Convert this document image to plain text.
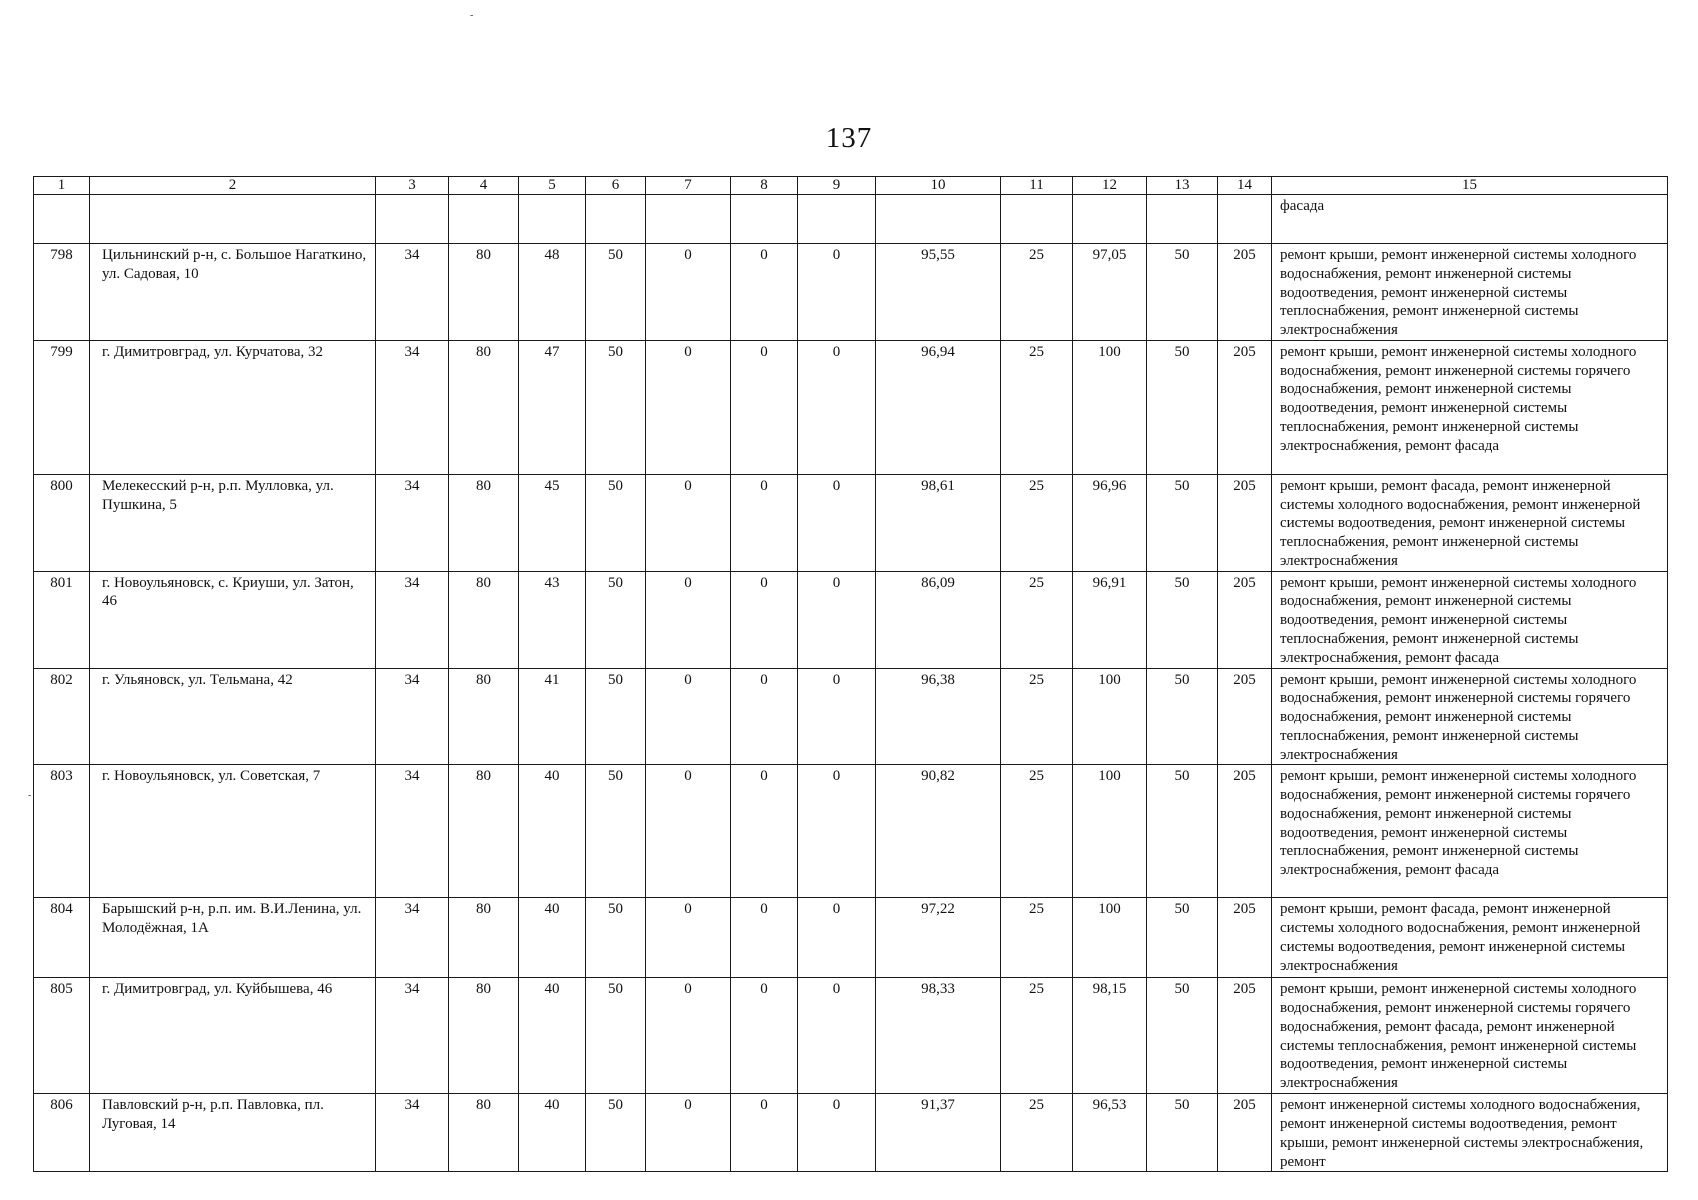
137
-
-
1	2	3	4	5	6	7	8	9	10	11	12	13	14	15
														фасада
798	Цильнинский р-н, с. Большое Нагаткино, ул. Садовая, 10	34	80	48	50	0	0	0	95,55	25	97,05	50	205	ремонт крыши, ремонт инженерной системы холодного водоснабжения, ремонт инженерной системы водоотведения, ремонт инженерной системы теплоснабжения, ремонт инженерной системы электроснабжения
799	г. Димитровград, ул. Курчатова, 32	34	80	47	50	0	0	0	96,94	25	100	50	205	ремонт крыши, ремонт инженерной системы холодного водоснабжения, ремонт инженерной системы горячего водоснабжения, ремонт инженерной системы водоотведения, ремонт инженерной системы теплоснабжения, ремонт инженерной системы электроснабжения, ремонт фасада
800	Мелекесский р-н, р.п. Мулловка, ул. Пушкина, 5	34	80	45	50	0	0	0	98,61	25	96,96	50	205	ремонт крыши, ремонт фасада, ремонт инженерной системы холодного водоснабжения, ремонт инженерной системы водоотведения, ремонт инженерной системы теплоснабжения, ремонт инженерной системы электроснабжения
801	г. Новоульяновск, с. Криуши, ул. Затон, 46	34	80	43	50	0	0	0	86,09	25	96,91	50	205	ремонт крыши, ремонт инженерной системы холодного водоснабжения, ремонт инженерной системы водоотведения, ремонт инженерной системы теплоснабжения, ремонт инженерной системы электроснабжения, ремонт фасада
802	г. Ульяновск, ул. Тельмана, 42	34	80	41	50	0	0	0	96,38	25	100	50	205	ремонт крыши, ремонт инженерной системы холодного водоснабжения, ремонт инженерной системы горячего водоснабжения, ремонт инженерной системы теплоснабжения, ремонт инженерной системы электроснабжения
803	г. Новоульяновск, ул. Советская, 7	34	80	40	50	0	0	0	90,82	25	100	50	205	ремонт крыши, ремонт инженерной системы холодного водоснабжения, ремонт инженерной системы горячего водоснабжения, ремонт инженерной системы водоотведения, ремонт инженерной системы теплоснабжения, ремонт инженерной системы электроснабжения, ремонт фасада
804	Барышский р-н, р.п. им. В.И.Ленина, ул. Молодёжная, 1А	34	80	40	50	0	0	0	97,22	25	100	50	205	ремонт крыши, ремонт фасада, ремонт инженерной системы холодного водоснабжения, ремонт инженерной системы водоотведения, ремонт инженерной системы электроснабжения
805	г. Димитровград, ул. Куйбышева, 46	34	80	40	50	0	0	0	98,33	25	98,15	50	205	ремонт крыши, ремонт инженерной системы холодного водоснабжения, ремонт инженерной системы горячего водоснабжения, ремонт фасада, ремонт инженерной системы теплоснабжения, ремонт инженерной системы водоотведения, ремонт инженерной системы электроснабжения
806	Павловский р-н, р.п. Павловка, пл. Луговая, 14	34	80	40	50	0	0	0	91,37	25	96,53	50	205	ремонт инженерной системы холодного водоснабжения, ремонт инженерной системы водоотведения, ремонт крыши, ремонт инженерной системы электроснабжения, ремонт
